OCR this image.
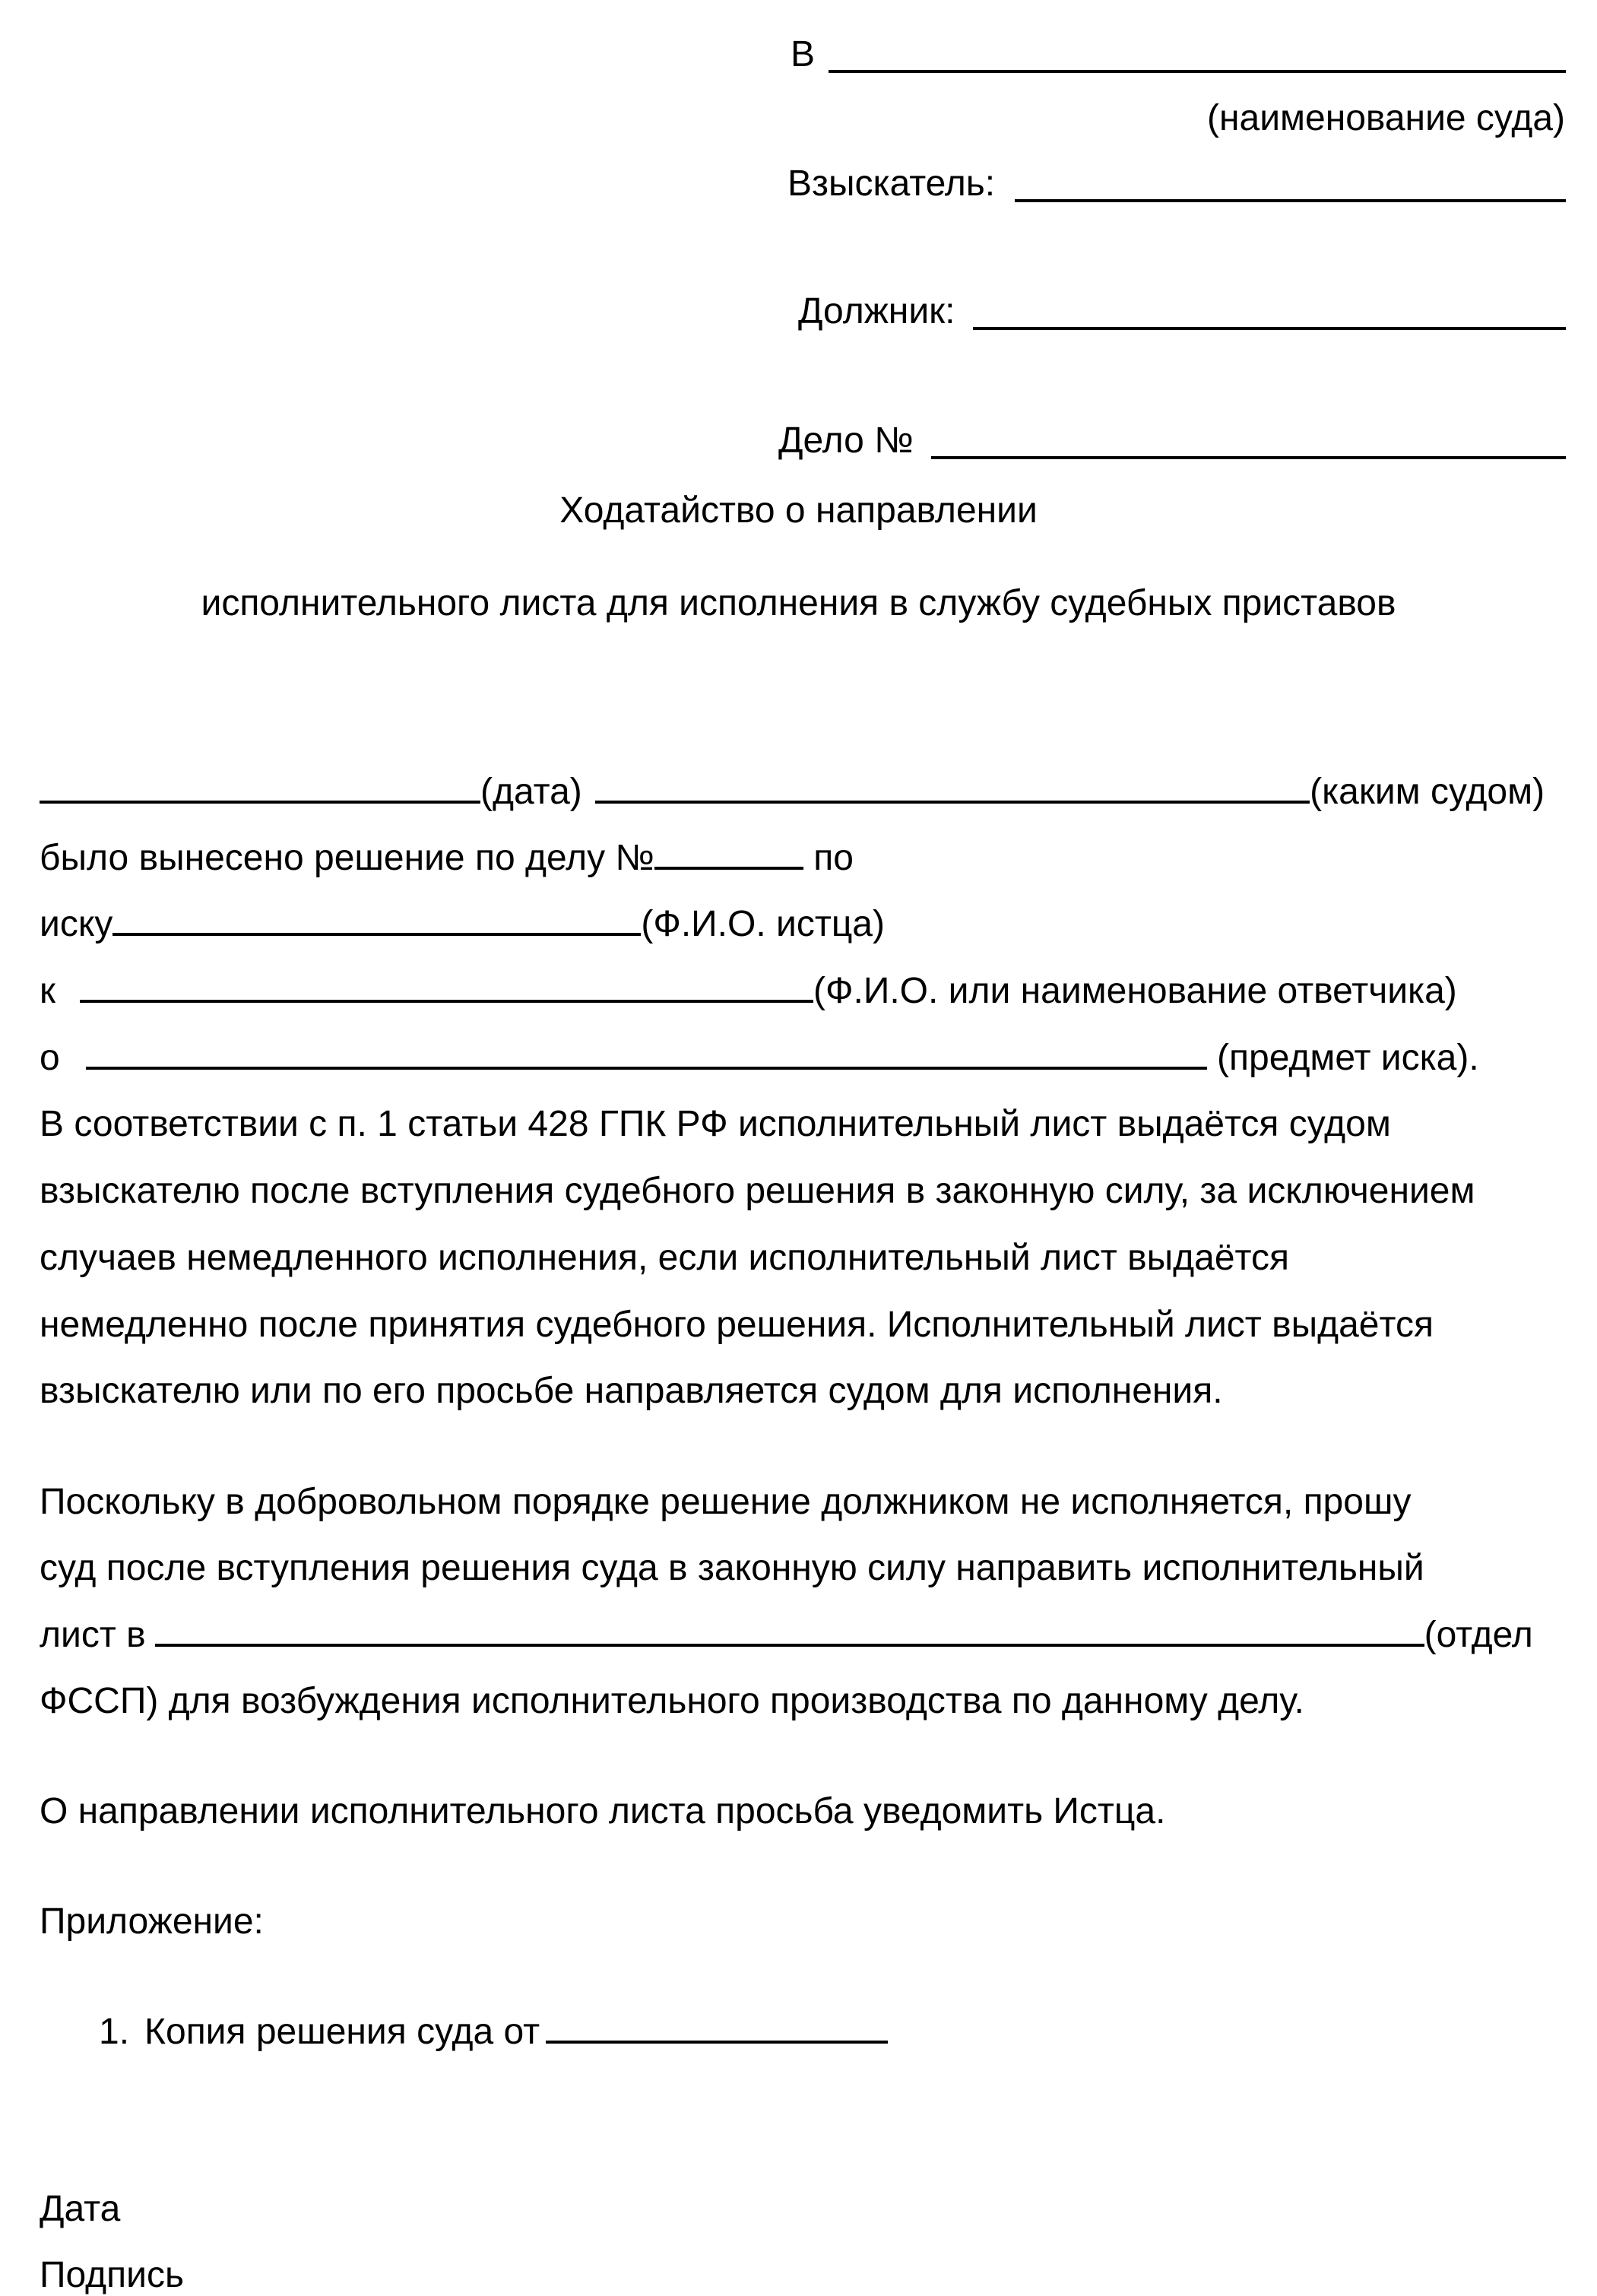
В
(наименование суда)
Взыскатель:
Должник:
Дело №
Ходатайство о направлении
исполнительного листа для исполнения в службу судебных приставов
(дата)	(каким судом)
было вынесено решение по делу №	по
иску	(Ф.И.О. истца)
к	(Ф.И.О. или наименование ответчика)
о	(предмет иска).
В соответствии с п. 1 статьи 428 ГПК РФ исполнительный лист выдаётся судом
взыскателю после вступления судебного решения в законную силу, за исключением
случаев немедленного исполнения, если исполнительный лист выдаётся
немедленно после принятия судебного решения. Исполнительный лист выдаётся
взыскателю или по его просьбе направляется судом для исполнения.
Поскольку в добровольном порядке решение должником не исполняется, прошу
суд после вступления решения суда в законную силу направить исполнительный
лист в	(отдел
ФССП) для возбуждения исполнительного производства по данному делу.
О направлении исполнительного листа просьба уведомить Истца.
Приложение:
1. Копия решения суда от
Дата
Подпись
